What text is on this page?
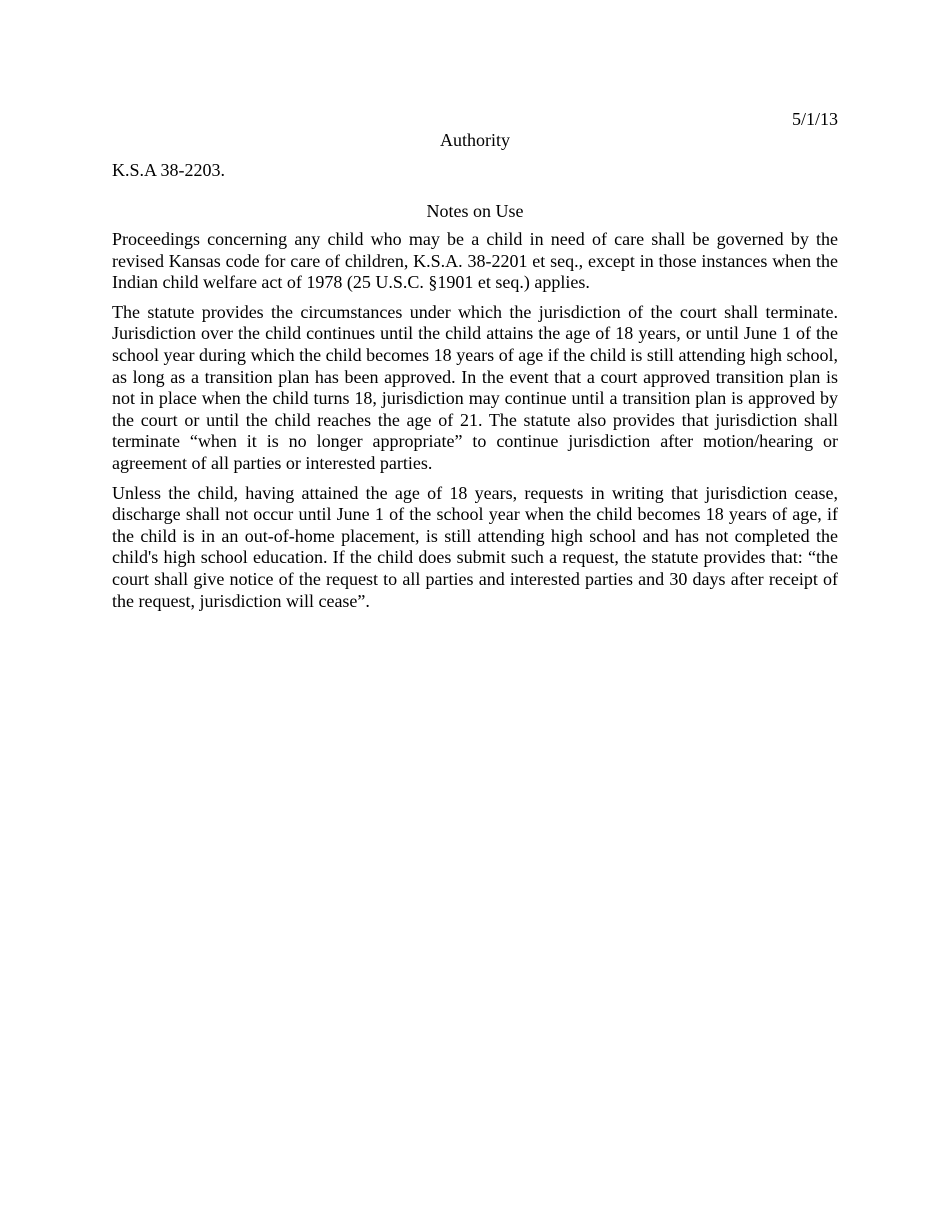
5/1/13

Authority

K.S.A 38-2203.

Notes on Use

Proceedings concerning any child who may be a child in need of care shall be governed by the revised Kansas code for care of children, K.S.A. 38-2201 et seq., except in those instances when the Indian child welfare act of 1978 (25 U.S.C. §1901 et seq.) applies.

The statute provides the circumstances under which the jurisdiction of the court shall terminate. Jurisdiction over the child continues until the child attains the age of 18 years, or until June 1 of the school year during which the child becomes 18 years of age if the child is still attending high school, as long as a transition plan has been approved. In the event that a court approved transition plan is not in place when the child turns 18, jurisdiction may continue until a transition plan is approved by the court or until the child reaches the age of 21. The statute also provides that jurisdiction shall terminate “when it is no longer appropriate” to continue jurisdiction after motion/hearing or agreement of all parties or interested parties.

Unless the child, having attained the age of 18 years, requests in writing that jurisdiction cease, discharge shall not occur until June 1 of the school year when the child becomes 18 years of age, if the child is in an out-of-home placement, is still attending high school and has not completed the child's high school education. If the child does submit such a request, the statute provides that: “the court shall give notice of the request to all parties and interested parties and 30 days after receipt of the request, jurisdiction will cease”.
